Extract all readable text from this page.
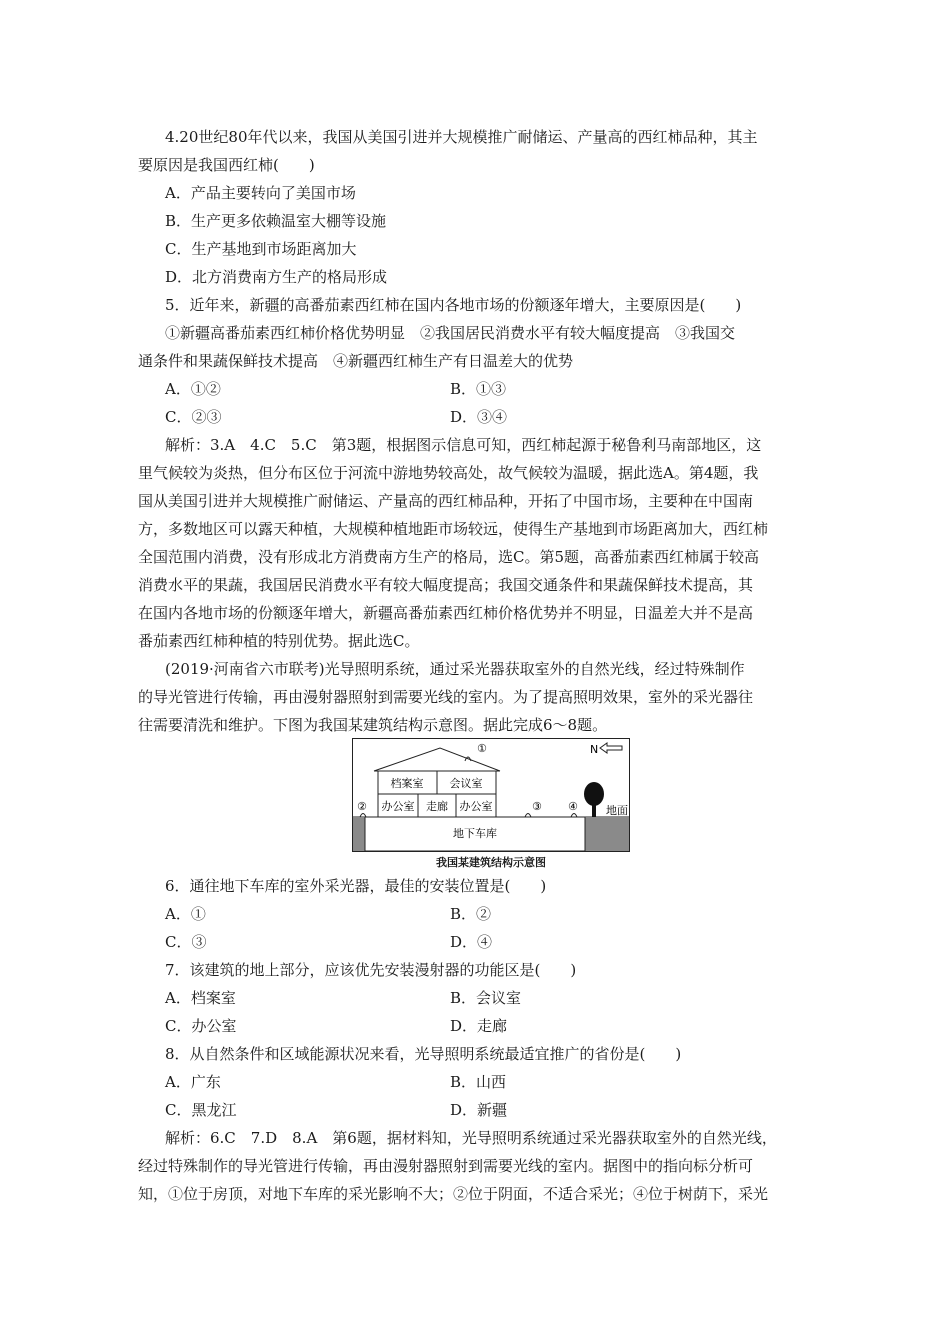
4.20世纪80年代以来，我国从美国引进并大规模推广耐储运、产量高的西红柿品种，其主
要原因是我国西红柿(　　)
A．产品主要转向了美国市场
B．生产更多依赖温室大棚等设施
C．生产基地到市场距离加大
D．北方消费南方生产的格局形成
5．近年来，新疆的高番茄素西红柿在国内各地市场的份额逐年增大，主要原因是(　　)
①新疆高番茄素西红柿价格优势明显　②我国居民消费水平有较大幅度提高　③我国交
通条件和果蔬保鲜技术提高　④新疆西红柿生产有日温差大的优势
A．①②	B．①③
C．②③	D．③④
解析：3.A　4.C　5.C　第3题，根据图示信息可知，西红柿起源于秘鲁利马南部地区，这
里气候较为炎热，但分布区位于河流中游地势较高处，故气候较为温暖，据此选A。第4题，我
国从美国引进并大规模推广耐储运、产量高的西红柿品种，开拓了中国市场，主要种在中国南
方，多数地区可以露天种植，大规模种植地距市场较远，使得生产基地到市场距离加大，西红柿
全国范围内消费，没有形成北方消费南方生产的格局，选C。第5题，高番茄素西红柿属于较高
消费水平的果蔬，我国居民消费水平有较大幅度提高；我国交通条件和果蔬保鲜技术提高，其
在国内各地市场的份额逐年增大，新疆高番茄素西红柿价格优势并不明显，日温差大并不是高
番茄素西红柿种植的特别优势。据此选C。
(2019·河南省六市联考)光导照明系统，通过采光器获取室外的自然光线，经过特殊制作
的导光管进行传输，再由漫射器照射到需要光线的室内。为了提高照明效果，室外的采光器往
往需要清洗和维护。下图为我国某建筑结构示意图。据此完成6～8题。
①
档案室 会议室
办公室 走廊 办公室
地下车库
②	③ ④	地面
N
我国某建筑结构示意图
6．通往地下车库的室外采光器，最佳的安装位置是(　　)
A．①	B．②
C．③	D．④
7．该建筑的地上部分，应该优先安装漫射器的功能区是(　　)
A．档案室	B．会议室
C．办公室	D．走廊
8．从自然条件和区域能源状况来看，光导照明系统最适宜推广的省份是(　　)
A．广东	B．山西
C．黑龙江	D．新疆
解析：6.C　7.D　8.A　第6题，据材料知，光导照明系统通过采光器获取室外的自然光线，
经过特殊制作的导光管进行传输，再由漫射器照射到需要光线的室内。据图中的指向标分析可
知，①位于房顶，对地下车库的采光影响不大；②位于阴面，不适合采光；④位于树荫下，采光
